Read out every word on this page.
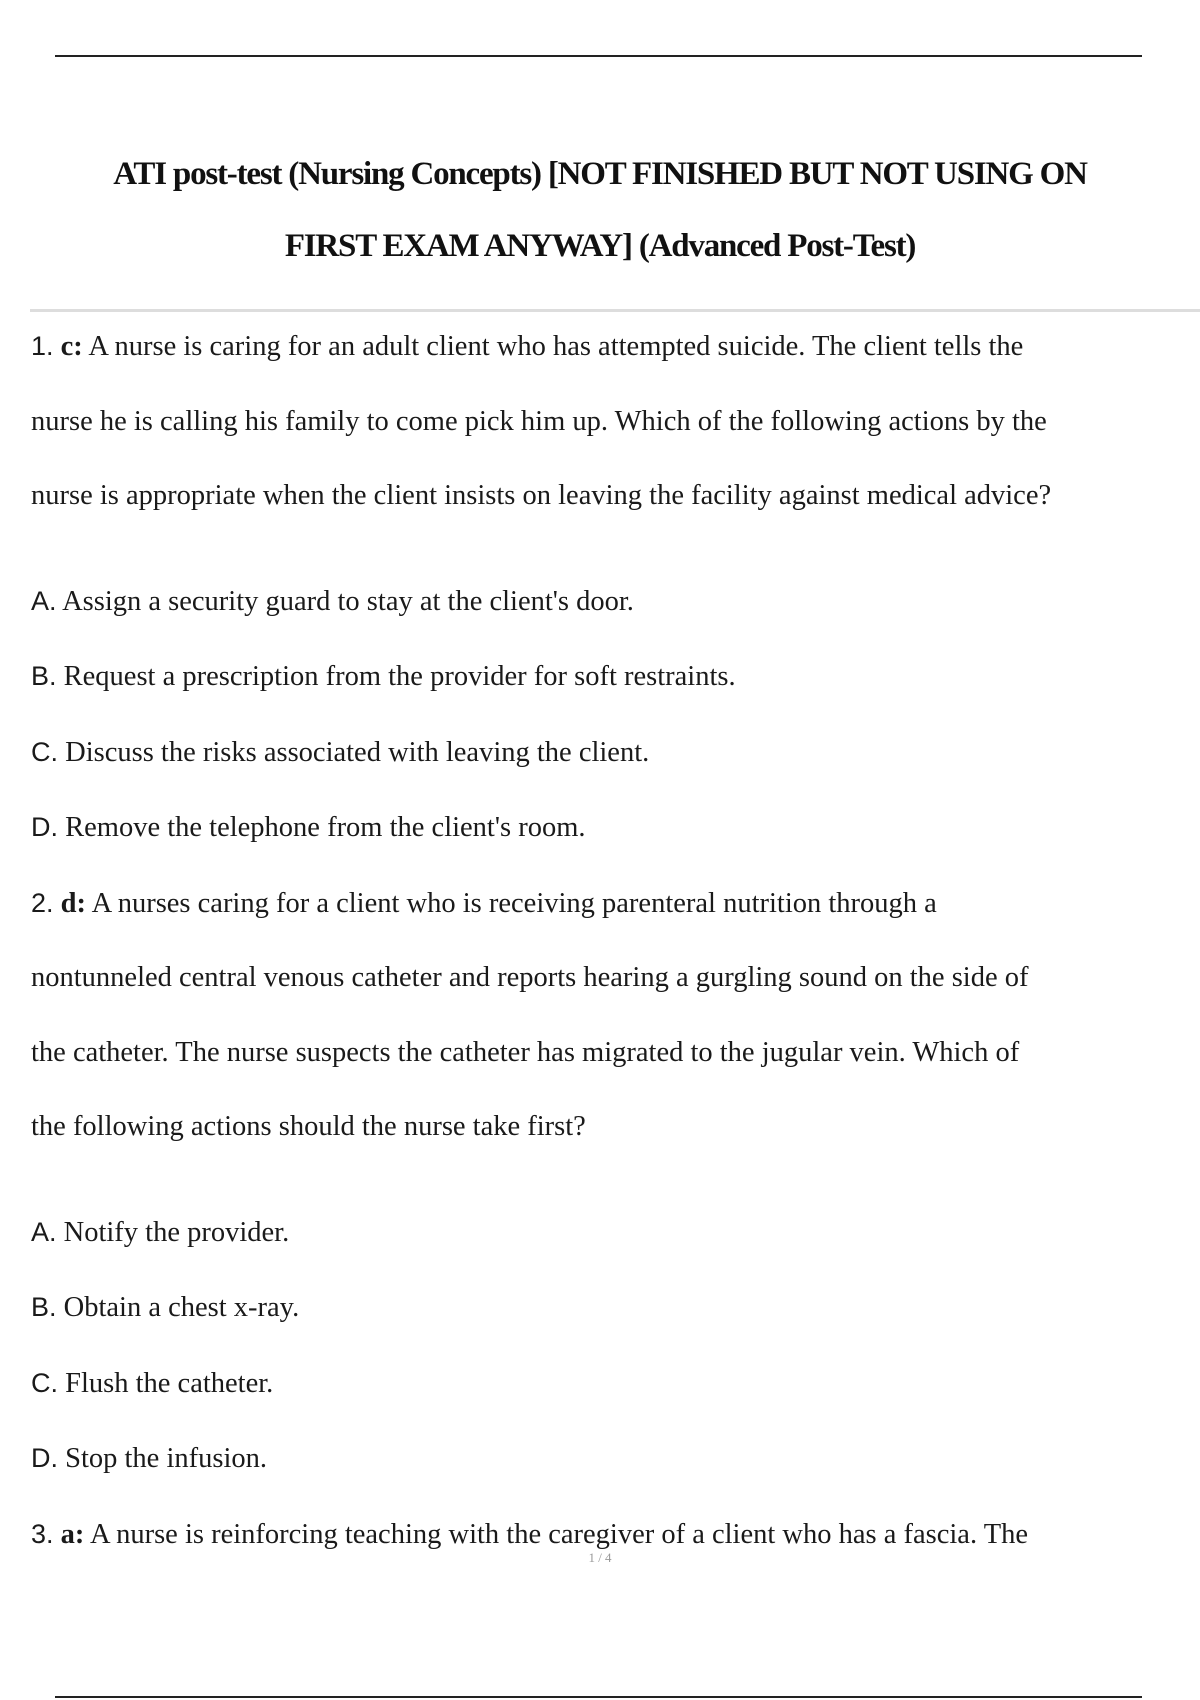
ATI post-test (Nursing Concepts) [NOT FINISHED BUT NOT USING ON
FIRST EXAM ANYWAY] (Advanced Post-Test)
1. c: A nurse is caring for an adult client who has attempted suicide. The client tells the
nurse he is calling his family to come pick him up. Which of the following actions by the
nurse is appropriate when the client insists on leaving the facility against medical advice?
A. Assign a security guard to stay at the client's door.
B. Request a prescription from the provider for soft restraints.
C. Discuss the risks associated with leaving the client.
D. Remove the telephone from the client's room.
2. d: A nurses caring for a client who is receiving parenteral nutrition through a
nontunneled central venous catheter and reports hearing a gurgling sound on the side of
the catheter. The nurse suspects the catheter has migrated to the jugular vein. Which of
the following actions should the nurse take first?
A. Notify the provider.
B. Obtain a chest x-ray.
C. Flush the catheter.
D. Stop the infusion.
3. a: A nurse is reinforcing teaching with the caregiver of a client who has a fascia. The
1 / 4
